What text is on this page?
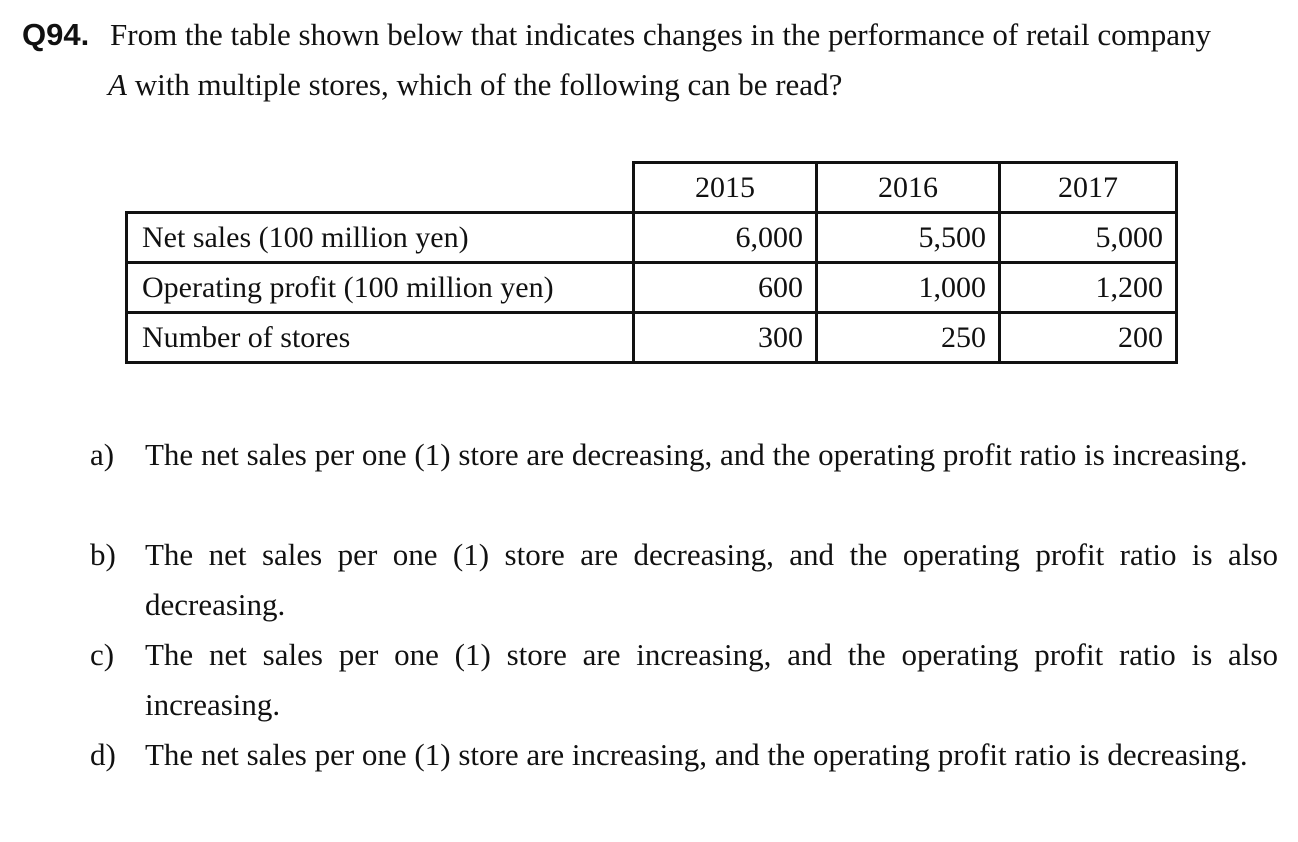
Q94. From the table shown below that indicates changes in the performance of retail company
A with multiple stores, which of the following can be read?
	2015	2016	2017
Net sales (100 million yen)	6,000	5,500	5,000
Operating profit (100 million yen)	600	1,000	1,200
Number of stores	300	250	200
a) The net sales per one (1) store are decreasing, and the operating profit ratio is increasing.
b) The net sales per one (1) store are decreasing, and the operating profit ratio is also decreasing.
c) The net sales per one (1) store are increasing, and the operating profit ratio is also increasing.
d) The net sales per one (1) store are increasing, and the operating profit ratio is decreasing.
